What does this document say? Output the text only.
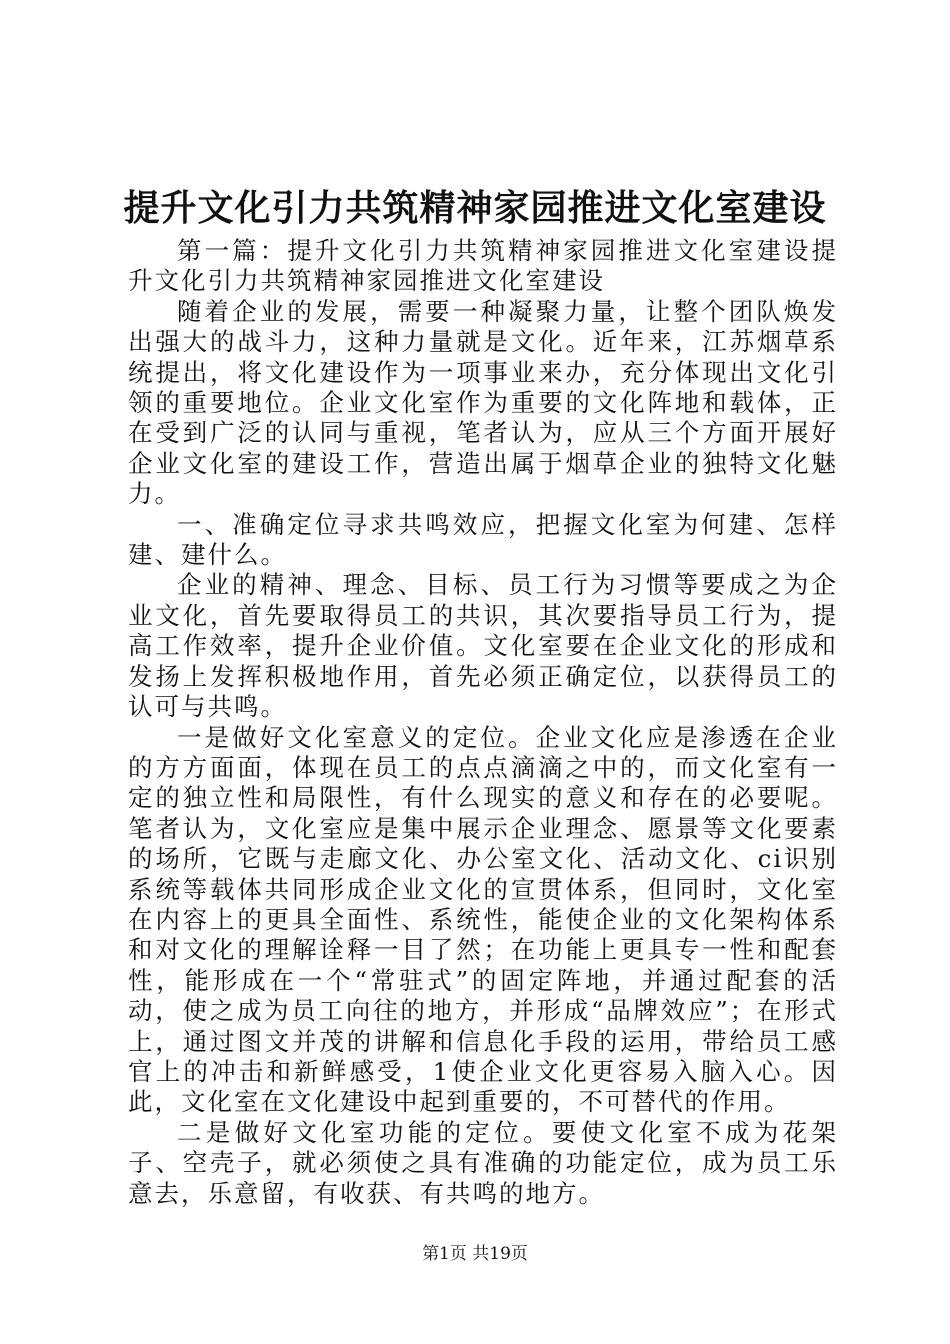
提升文化引力共筑精神家园推进文化室建设

第一篇：提升文化引力共筑精神家园推进文化室建设提升文化引力共筑精神家园推进文化室建设

随着企业的发展，需要一种凝聚力量，让整个团队焕发出强大的战斗力，这种力量就是文化。近年来，江苏烟草系统提出，将文化建设作为一项事业来办，充分体现出文化引领的重要地位。企业文化室作为重要的文化阵地和载体，正在受到广泛的认同与重视，笔者认为，应从三个方面开展好企业文化室的建设工作，营造出属于烟草企业的独特文化魅力。

一、准确定位寻求共鸣效应，把握文化室为何建、怎样建、建什么。

企业的精神、理念、目标、员工行为习惯等要成之为企业文化，首先要取得员工的共识，其次要指导员工行为，提高工作效率，提升企业价值。文化室要在企业文化的形成和发扬上发挥积极地作用，首先必须正确定位，以获得员工的认可与共鸣。

一是做好文化室意义的定位。企业文化应是渗透在企业的方方面面，体现在员工的点点滴滴之中的，而文化室有一定的独立性和局限性，有什么现实的意义和存在的必要呢。笔者认为，文化室应是集中展示企业理念、愿景等文化要素的场所，它既与走廊文化、办公室文化、活动文化、ci识别系统等载体共同形成企业文化的宣贯体系，但同时，文化室在内容上的更具全面性、系统性，能使企业的文化架构体系和对文化的理解诠释一目了然；在功能上更具专一性和配套性，能形成在一个“常驻式”的固定阵地，并通过配套的活动，使之成为员工向往的地方，并形成“品牌效应”；在形式上，通过图文并茂的讲解和信息化手段的运用，带给员工感官上的冲击和新鲜感受，1使企业文化更容易入脑入心。因此，文化室在文化建设中起到重要的，不可替代的作用。

二是做好文化室功能的定位。要使文化室不成为花架子、空壳子，就必须使之具有准确的功能定位，成为员工乐意去，乐意留，有收获、有共鸣的地方。

第1页 共19页
